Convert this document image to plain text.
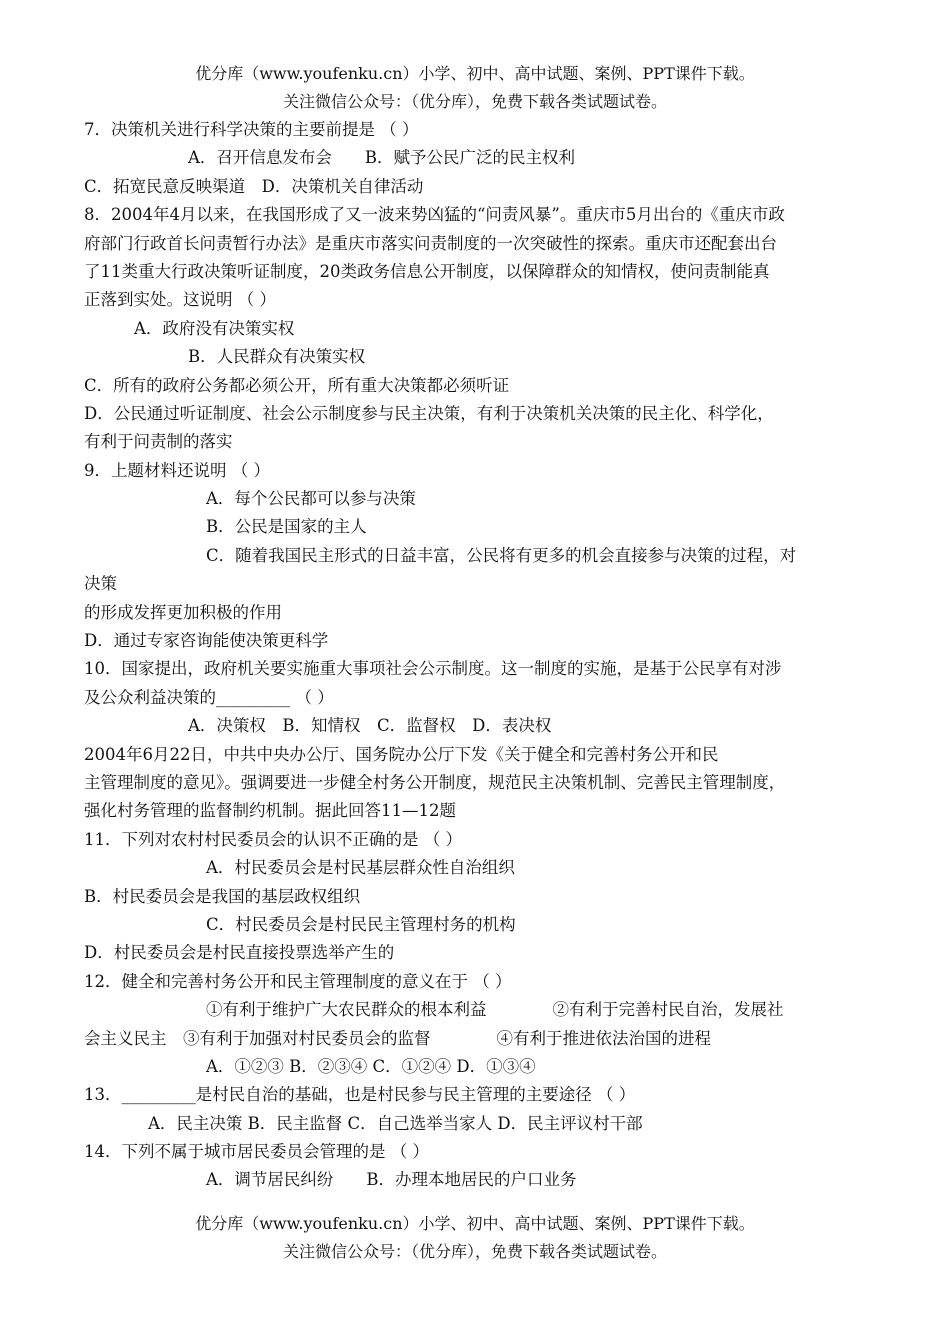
优分库（www.youfenku.cn）小学、初中、高中试题、案例、PPT课件下载。
关注微信公众号：（优分库），免费下载各类试题试卷。
7．决策机关进行科学决策的主要前提是 （ ）
A．召开信息发布会　　B．赋予公民广泛的民主权利
C．拓宽民意反映渠道　D．决策机关自律活动
8．2004年4月以来，在我国形成了又一波来势凶猛的“问责风暴”。重庆市5月出台的《重庆市政
府部门行政首长问责暂行办法》是重庆市落实问责制度的一次突破性的探索。重庆市还配套出台
了11类重大行政决策听证制度，20类政务信息公开制度，以保障群众的知情权，使问责制能真
正落到实处。这说明 （ ）
A．政府没有决策实权
B．人民群众有决策实权
C．所有的政府公务都必须公开，所有重大决策都必须听证
D．公民通过听证制度、社会公示制度参与民主决策，有利于决策机关决策的民主化、科学化，
有利于问责制的落实
9．上题材料还说明 （ ）
A．每个公民都可以参与决策
B．公民是国家的主人
C．随着我国民主形式的日益丰富，公民将有更多的机会直接参与决策的过程，对
决策
的形成发挥更加积极的作用
D．通过专家咨询能使决策更科学
10．国家提出，政府机关要实施重大事项社会公示制度。这一制度的实施，是基于公民享有对涉
及公众利益决策的_________ （ ）
A．决策权　B．知情权　C．监督权　D．表决权
2004年6月22日，中共中央办公厅、国务院办公厅下发《关于健全和完善村务公开和民
主管理制度的意见》。强调要进一步健全村务公开制度，规范民主决策机制、完善民主管理制度，
强化村务管理的监督制约机制。据此回答11—12题
11．下列对农村村民委员会的认识不正确的是 （ ）
A．村民委员会是村民基层群众性自治组织
B．村民委员会是我国的基层政权组织
C．村民委员会是村民民主管理村务的机构
D．村民委员会是村民直接投票选举产生的
12．健全和完善村务公开和民主管理制度的意义在于 （ ）
①有利于维护广大农民群众的根本利益　　　　②有利于完善村民自治，发展社
会主义民主　③有利于加强对村民委员会的监督　　　　④有利于推进依法治国的进程
A．①②③ B．②③④ C．①②④ D．①③④
13．_________是村民自治的基础，也是村民参与民主管理的主要途径 （ ）
A．民主决策 B．民主监督 C．自己选举当家人 D．民主评议村干部
14．下列不属于城市居民委员会管理的是 （ ）
A．调节居民纠纷　　B．办理本地居民的户口业务
优分库（www.youfenku.cn）小学、初中、高中试题、案例、PPT课件下载。
关注微信公众号：（优分库），免费下载各类试题试卷。
